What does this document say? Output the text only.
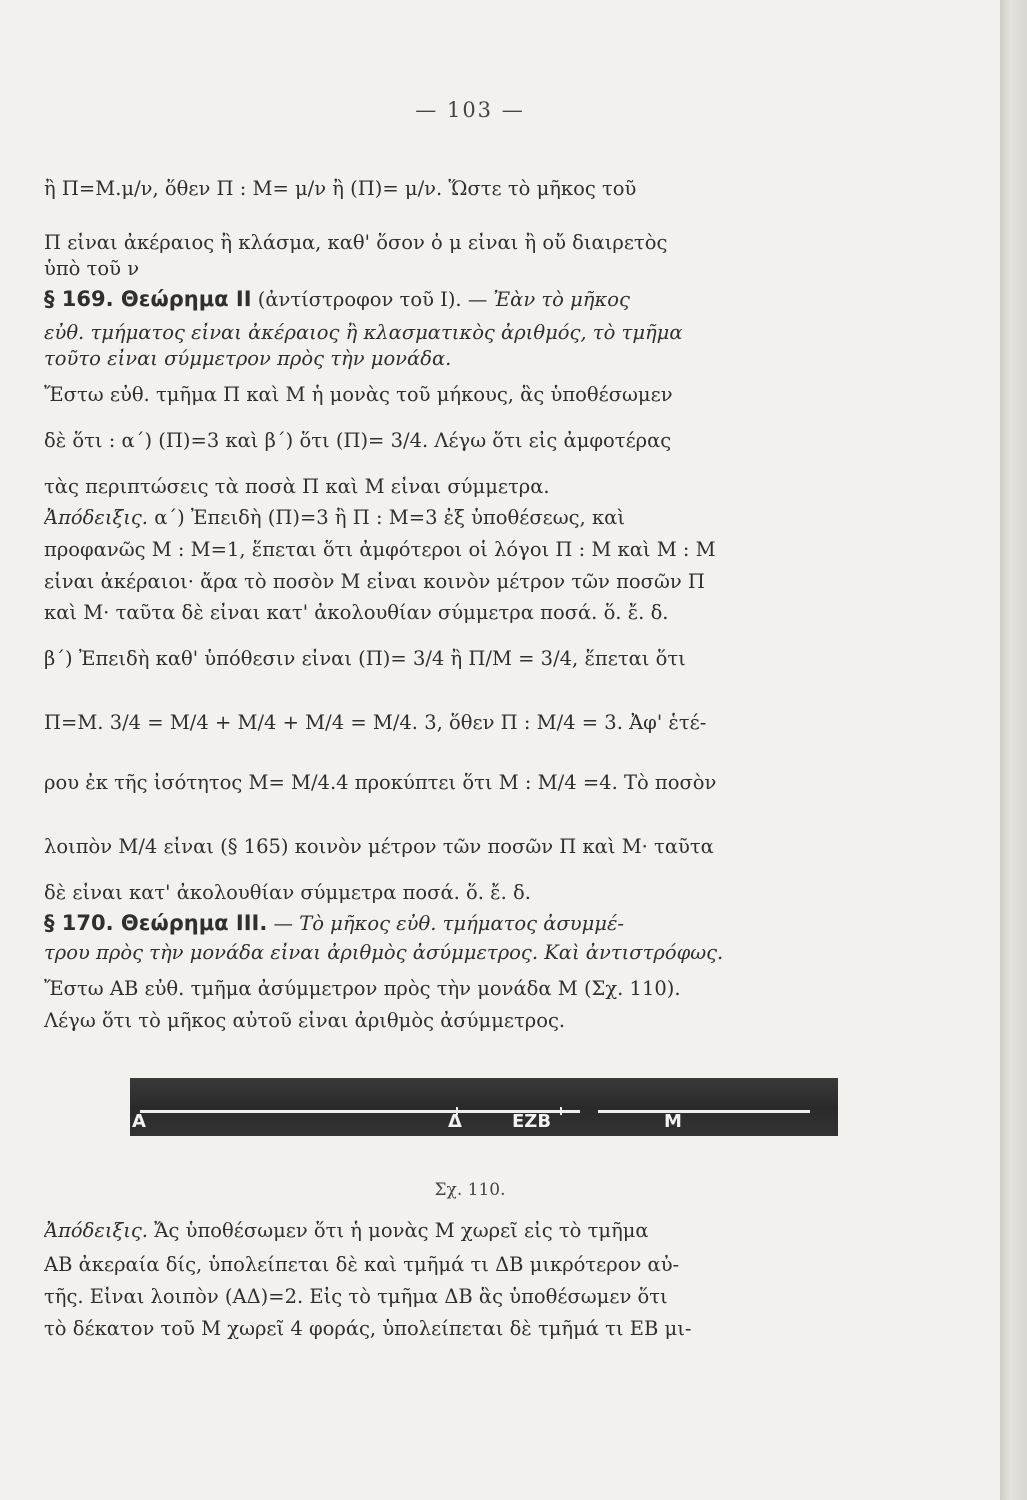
— 103 —
ἢ Π=Μ.μ/ν, ὅθεν Π : Μ= μ/ν ἢ (Π)= μ/ν. Ὥστε τὸ μῆκος τοῦ
Π εἶναι ἀκέραιος ἢ κλάσμα, καθ' ὅσον ὁ μ εἶναι ἢ οὔ διαιρετὸς
ὑπὸ τοῦ ν
§ 169. Θεώρημα ΙΙ (ἀντίστροφον τοῦ Ι). — Ἐὰν τὸ μῆκος
εὐθ. τμήματος εἶναι ἀκέραιος ἢ κλασματικὸς ἀριθμός, τὸ τμῆμα
τοῦτο εἶναι σύμμετρον πρὸς τὴν μονάδα.
Ἔστω εὐθ. τμῆμα Π καὶ Μ ἡ μονὰς τοῦ μήκους, ἃς ὑποθέσωμεν
δὲ ὅτι : α΄) (Π)=3 καὶ β΄) ὅτι (Π)= 3/4. Λέγω ὅτι εἰς ἀμφοτέρας
τὰς περιπτώσεις τὰ ποσὰ Π καὶ Μ εἶναι σύμμετρα.
Ἀπόδειξις. α΄) Ἐπειδὴ (Π)=3 ἢ Π : Μ=3 ἐξ ὑποθέσεως, καὶ
προφανῶς Μ : Μ=1, ἕπεται ὅτι ἀμφότεροι οἱ λόγοι Π : Μ καὶ Μ : Μ
εἶναι ἀκέραιοι· ἄρα τὸ ποσὸν Μ εἶναι κοινὸν μέτρον τῶν ποσῶν Π
καὶ Μ· ταῦτα δὲ εἶναι κατ' ἀκολουθίαν σύμμετρα ποσά. ὅ. ἔ. δ.
β΄) Ἐπειδὴ καθ' ὑπόθεσιν εἶναι (Π)= 3/4 ἢ Π/Μ = 3/4, ἕπεται ὅτι
Π=Μ. 3/4 = Μ/4 + Μ/4 + Μ/4 = Μ/4. 3, ὅθεν Π : Μ/4 = 3. Ἀφ' ἑτέ-
ρου ἐκ τῆς ἰσότητος Μ= Μ/4.4 προκύπτει ὅτι Μ : Μ/4 =4. Τὸ ποσὸν
λοιπὸν Μ/4 εἶναι (§ 165) κοινὸν μέτρον τῶν ποσῶν Π καὶ Μ· ταῦτα
δὲ εἶναι κατ' ἀκολουθίαν σύμμετρα ποσά. ὅ. ἔ. δ.
§ 170. Θεώρημα ΙΙΙ. — Τὸ μῆκος εὐθ. τμήματος ἀσυμμέ-
τρου πρὸς τὴν μονάδα εἶναι ἀριθμὸς ἀσύμμετρος. Καὶ ἀντιστρόφως.
Ἔστω ΑΒ εὐθ. τμῆμα ἀσύμμετρον πρὸς τὴν μονάδα Μ (Σχ. 110).
Λέγω ὅτι τὸ μῆκος αὐτοῦ εἶναι ἀριθμὸς ἀσύμμετρος.
Α	Δ	ΕΖΒ	Μ
Σχ. 110.
Ἀπόδειξις. Ἄς ὑποθέσωμεν ὅτι ἡ μονὰς Μ χωρεῖ εἰς τὸ τμῆμα
ΑΒ ἀκεραία δίς, ὑπολείπεται δὲ καὶ τμῆμά τι ΔΒ μικρότερον αὐ-
τῆς. Εἶναι λοιπὸν (ΑΔ)=2. Εἰς τὸ τμῆμα ΔΒ ἃς ὑποθέσωμεν ὅτι
τὸ δέκατον τοῦ Μ χωρεῖ 4 φοράς, ὑπολείπεται δὲ τμῆμά τι ΕΒ μι-
